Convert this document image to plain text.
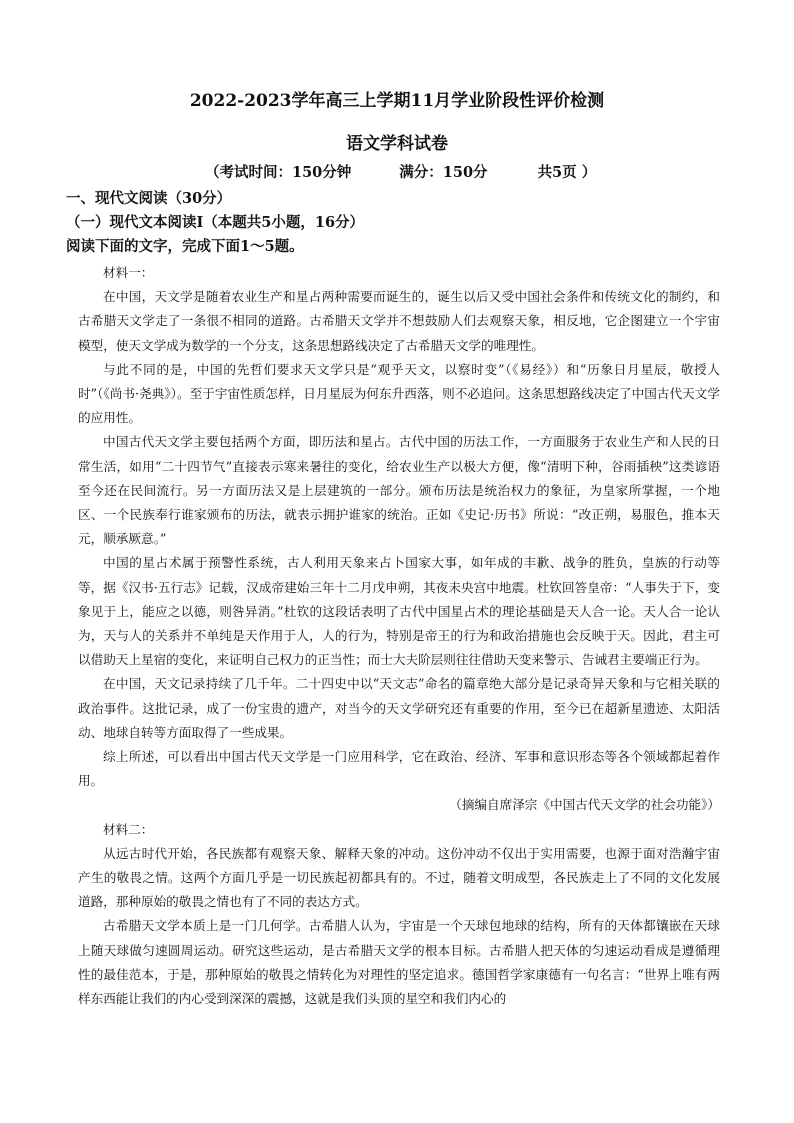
2022-2023学年高三上学期11月学业阶段性评价检测
语文学科试卷
（考试时间：150分钟	满分：150分	共5页 ）
一、现代文阅读（30分）
（一）现代文本阅读Ⅰ（本题共5小题，16分）
阅读下面的文字，完成下面1～5题。

材料一：

在中国，天文学是随着农业生产和星占两种需要而诞生的，诞生以后又受中国社会条件和传统文化的制约，和古希腊天文学走了一条很不相同的道路。古希腊天文学并不想鼓励人们去观察天象，相反地，它企图建立一个宇宙模型，使天文学成为数学的一个分支，这条思想路线决定了古希腊天文学的唯理性。

与此不同的是，中国的先哲们要求天文学只是“观乎天文，以察时变”（《易经》）和“历象日月星辰，敬授人时”（《尚书·尧典》）。至于宇宙性质怎样，日月星辰为何东升西落，则不必追问。这条思想路线决定了中国古代天文学的应用性。

中国古代天文学主要包括两个方面，即历法和星占。古代中国的历法工作，一方面服务于农业生产和人民的日常生活，如用“二十四节气”直接表示寒来暑往的变化，给农业生产以极大方便，像“清明下种，谷雨插秧”这类谚语至今还在民间流行。另一方面历法又是上层建筑的一部分。颁布历法是统治权力的象征，为皇家所掌握，一个地区、一个民族奉行谁家颁布的历法，就表示拥护谁家的统治。正如《史记·历书》所说：“改正朔，易服色，推本天元，顺承厥意。”

中国的星占术属于预警性系统，古人利用天象来占卜国家大事，如年成的丰歉、战争的胜负，皇族的行动等等，据《汉书·五行志》记载，汉成帝建始三年十二月戊申朔，其夜未央宫中地震。杜钦回答皇帝：“人事失于下，变象见于上，能应之以德，则咎异消。”杜钦的这段话表明了古代中国星占术的理论基础是天人合一论。天人合一论认为，天与人的关系并不单纯是天作用于人，人的行为，特别是帝王的行为和政治措施也会反映于天。因此，君主可以借助天上星宿的变化，来证明自己权力的正当性；而士大夫阶层则往往借助天变来警示、告诫君主要端正行为。

在中国，天文记录持续了几千年。二十四史中以“天文志”命名的篇章绝大部分是记录奇异天象和与它相关联的政治事件。这批记录，成了一份宝贵的遗产，对当今的天文学研究还有重要的作用，至今已在超新星遗迹、太阳活动、地球自转等方面取得了一些成果。

综上所述，可以看出中国古代天文学是一门应用科学，它在政治、经济、军事和意识形态等各个领域都起着作用。

（摘编自席泽宗《中国古代天文学的社会功能》）

材料二：

从远古时代开始，各民族都有观察天象、解释天象的冲动。这份冲动不仅出于实用需要，也源于面对浩瀚宇宙产生的敬畏之情。这两个方面几乎是一切民族起初都具有的。不过，随着文明成型，各民族走上了不同的文化发展道路，那种原始的敬畏之情也有了不同的表达方式。

古希腊天文学本质上是一门几何学。古希腊人认为，宇宙是一个天球包地球的结构，所有的天体都镶嵌在天球上随天球做匀速圆周运动。研究这些运动，是古希腊天文学的根本目标。古希腊人把天体的匀速运动看成是遵循理性的最佳范本，于是，那种原始的敬畏之情转化为对理性的坚定追求。德国哲学家康德有一句名言：“世界上唯有两样东西能让我们的内心受到深深的震撼，这就是我们头顶的星空和我们内心的
